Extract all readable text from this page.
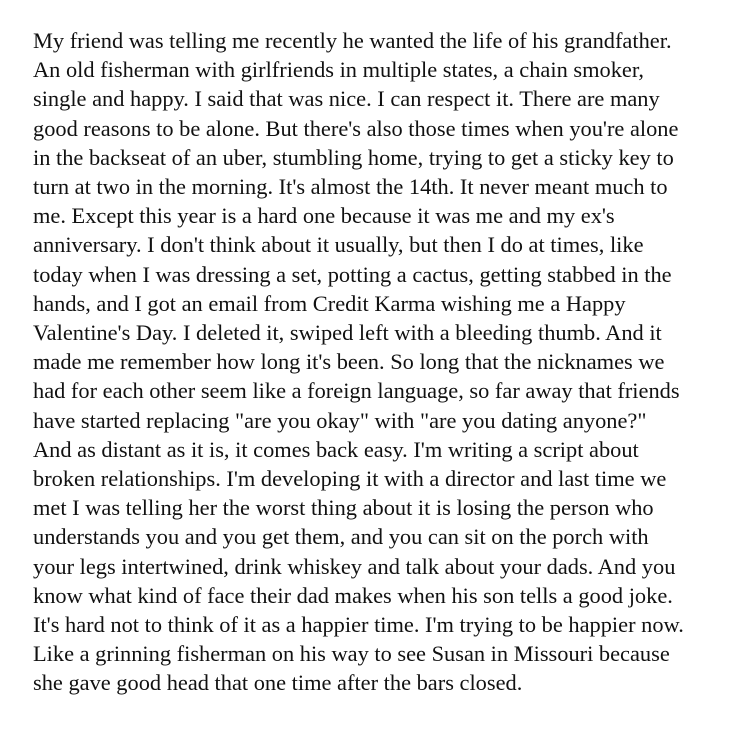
My friend was telling me recently he wanted the life of his grandfather.
An old fisherman with girlfriends in multiple states, a chain smoker,
single and happy. I said that was nice. I can respect it. There are many
good reasons to be alone. But there's also those times when you're alone
in the backseat of an uber, stumbling home, trying to get a sticky key to
turn at two in the morning. It's almost the 14th. It never meant much to
me. Except this year is a hard one because it was me and my ex's
anniversary. I don't think about it usually, but then I do at times, like
today when I was dressing a set, potting a cactus, getting stabbed in the
hands, and I got an email from Credit Karma wishing me a Happy
Valentine's Day. I deleted it, swiped left with a bleeding thumb. And it
made me remember how long it's been. So long that the nicknames we
had for each other seem like a foreign language, so far away that friends
have started replacing "are you okay" with "are you dating anyone?"
And as distant as it is, it comes back easy. I'm writing a script about
broken relationships. I'm developing it with a director and last time we
met I was telling her the worst thing about it is losing the person who
understands you and you get them, and you can sit on the porch with
your legs intertwined, drink whiskey and talk about your dads. And you
know what kind of face their dad makes when his son tells a good joke.
It's hard not to think of it as a happier time. I'm trying to be happier now.
Like a grinning fisherman on his way to see Susan in Missouri because
she gave good head that one time after the bars closed.
